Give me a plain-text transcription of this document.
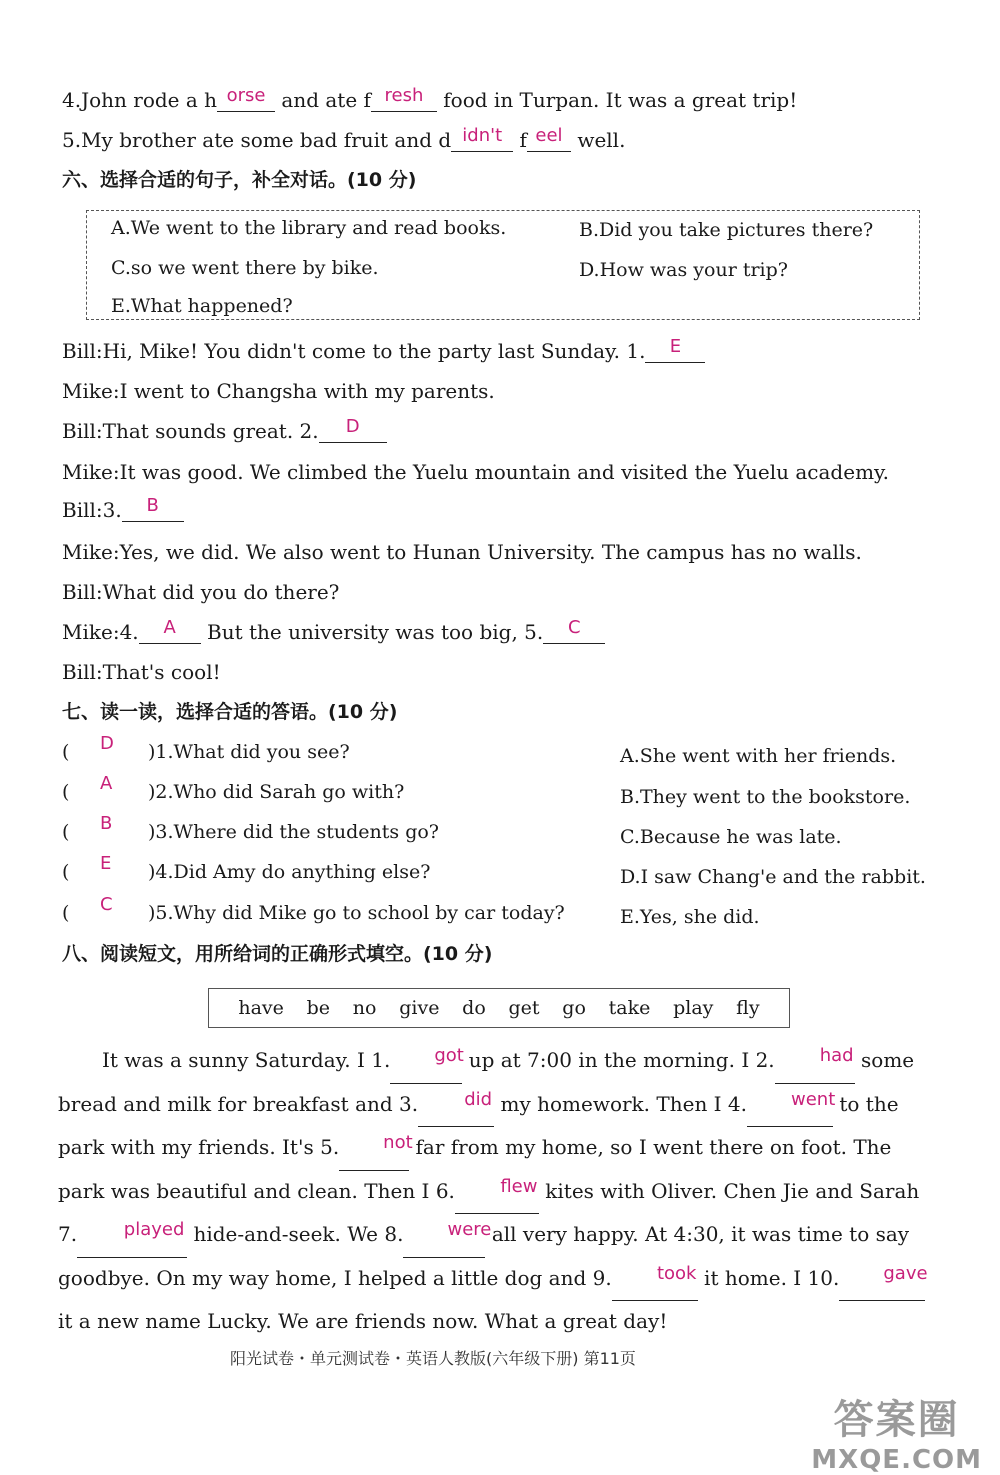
4.John rode a h orse and ate f resh food in Turpan. It was a great trip!
5.My brother ate some bad fruit and d idn't f eel well.
六、选择合适的句子，补全对话。(10 分)
A.We went to the library and read books.	B.Did you take pictures there?
C.so we went there by bike.	D.How was your trip?
E.What happened?
Bill:Hi, Mike! You didn't come to the party last Sunday. 1. E
Mike:I went to Changsha with my parents.
Bill:That sounds great. 2. D
Mike:It was good. We climbed the Yuelu mountain and visited the Yuelu academy.
Bill:3. B
Mike:Yes, we did. We also went to Hunan University. The campus has no walls.
Bill:What did you do there?
Mike:4. A But the university was too big, 5. C
Bill:That's cool!
七、读一读，选择合适的答语。(10 分)
( D )1.What did you see?
( A )2.Who did Sarah go with?
( B )3.Where did the students go?
( E )4.Did Amy do anything else?
( C )5.Why did Mike go to school by car today?
A.She went with her friends.
B.They went to the bookstore.
C.Because he was late.
D.I saw Chang'e and the rabbit.
E.Yes, she did.
八、阅读短文，用所给词的正确形式填空。(10 分)
have be no give do get go take play fly

It was a sunny Saturday. I 1. got up at 7:00 in the morning. I 2.	had some bread and milk for breakfast and 3.	did my homework. Then I 4. went to the park with my friends. It's 5. not far from my home, so I went there on foot. The park was beautiful and clean. Then I 6.	flew kites with Oliver. Chen Jie and Sarah 7.	played hide-and-seek. We 8. were all very happy. At 4:30, it was time to say goodbye. On my way home, I helped a little dog and 9.	took it home. I 10. gave it a new name Lucky. We are friends now. What a great day!

阳光试卷・单元测试卷・英语人教版(六年级下册) 第11页
答案圈
MXQE.COM
